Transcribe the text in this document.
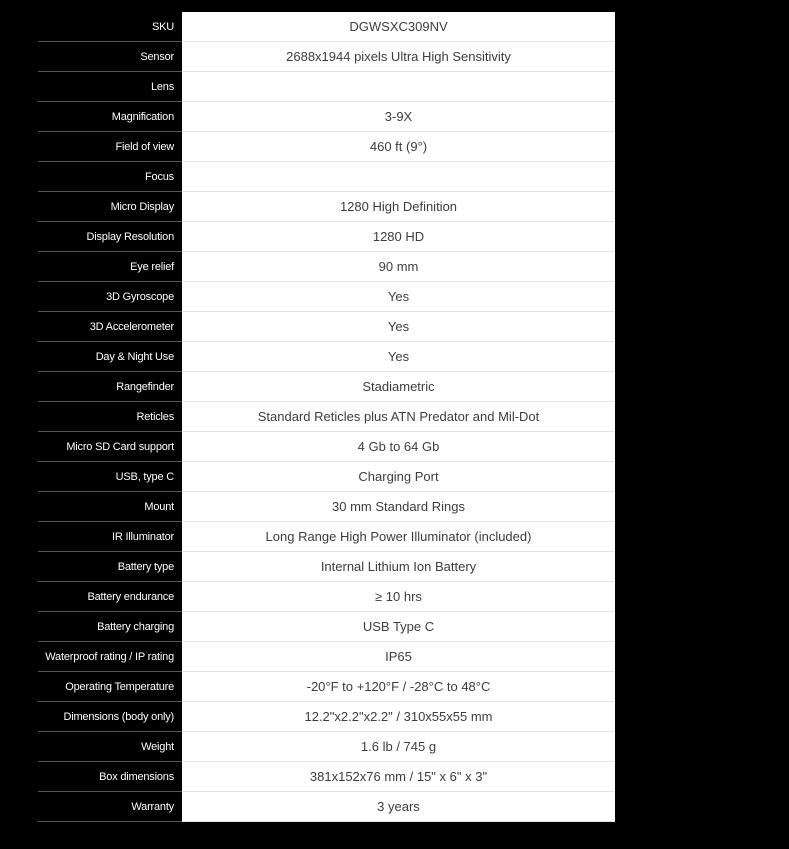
SKU	DGWSXC309NV
Sensor	2688x1944 pixels Ultra High Sensitivity
Lens
Magnification	3-9X
Field of view	460 ft (9°)
Focus
Micro Display	1280 High Definition
Display Resolution	1280 HD
Eye relief	90 mm
3D Gyroscope	Yes
3D Accelerometer	Yes
Day & Night Use	Yes
Rangefinder	Stadiametric
Reticles	Standard Reticles plus ATN Predator and Mil-Dot
Micro SD Card support	4 Gb to 64 Gb
USB, type C	Charging Port
Mount	30 mm Standard Rings
IR Illuminator	Long Range High Power Illuminator (included)
Battery type	Internal Lithium Ion Battery
Battery endurance	≥ 10 hrs
Battery charging	USB Type C
Waterproof rating / IP rating	IP65
Operating Temperature	-20°F to +120°F / -28°C to 48°C
Dimensions (body only)	12.2"x2.2"x2.2" / 310x55x55 mm
Weight	1.6 lb / 745 g
Box dimensions	381x152x76 mm / 15" x 6" x 3"
Warranty	3 years
